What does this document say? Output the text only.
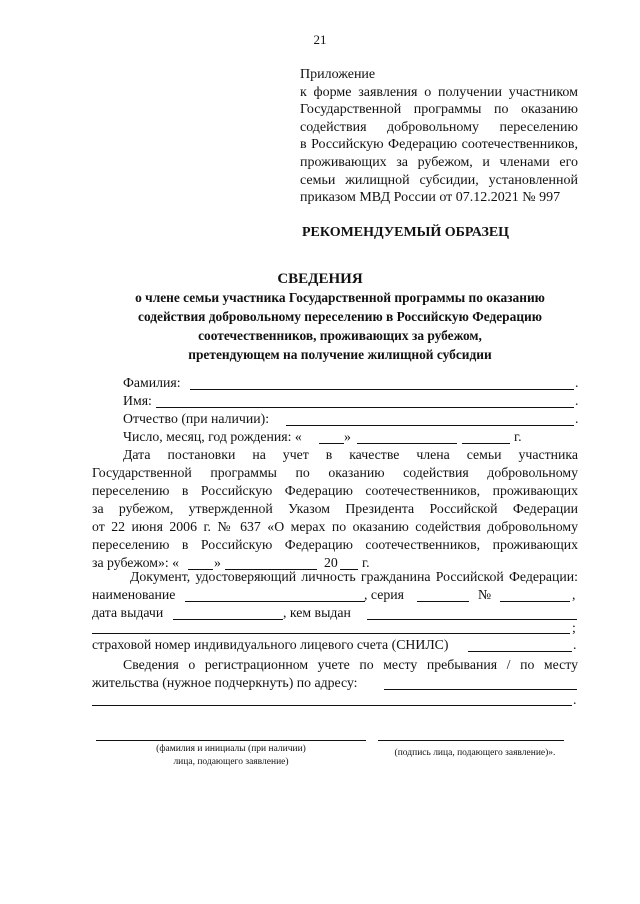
21
Приложение
к форме заявления о получении участником
Государственной программы по оказанию
содействия добровольному переселению
в Российскую Федерацию соотечественников,
проживающих за рубежом, и членами его
семьи жилищной субсидии, установленной
приказом МВД России от 07.12.2021 № 997
РЕКОМЕНДУЕМЫЙ ОБРАЗЕЦ
СВЕДЕНИЯ
о члене семьи участника Государственной программы по оказанию
содействия добровольному переселению в Российскую Федерацию
соотечественников, проживающих за рубежом,
претендующем на получение жилищной субсидии
Фамилия:	.
Имя:	.
Отчество (при наличии):	.
Число, месяц, год рождения: «	»	г.
Дата постановки на учет в качестве члена семьи участника
Государственной программы по оказанию содействия добровольному
переселению в Российскую Федерацию соотечественников, проживающих
за рубежом, утвержденной Указом Президента Российской Федерации
от 22 июня 2006 г. № 637 «О мерах по оказанию содействия добровольному
переселению в Российскую Федерацию соотечественников, проживающих
за рубежом»: «	»	20 г.
Документ, удостоверяющий личность гражданина Российской Федерации:
наименование	, серия	№	,
дата выдачи	, кем выдан
;
страховой номер индивидуального лицевого счета (СНИЛС)	.
Сведения о регистрационном учете по месту пребывания / по месту
жительства (нужное подчеркнуть) по адресу:
.
(фамилия и инициалы (при наличии)
лица, подающего заявление)
(подпись лица, подающего заявление)».
